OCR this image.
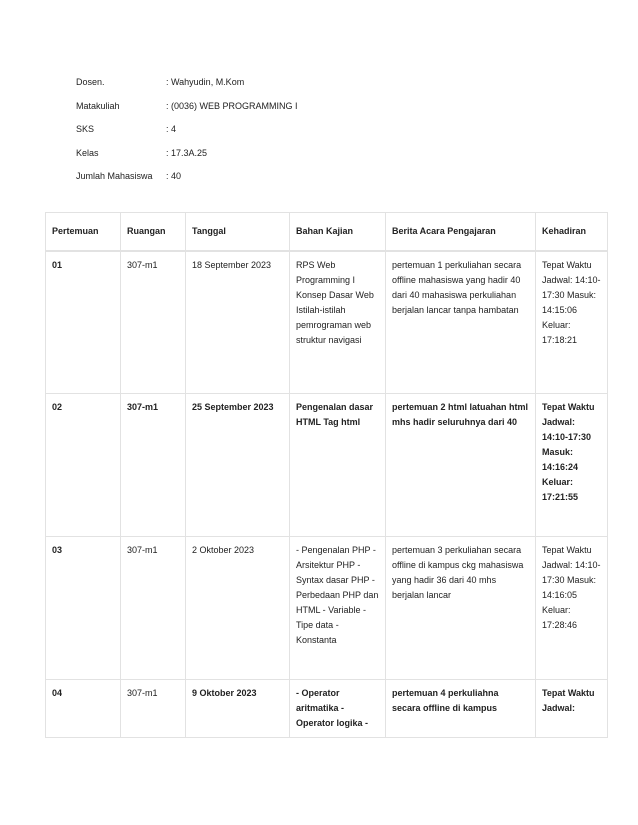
Dosen.	: Wahyudin, M.Kom
Matakuliah	: (0036) WEB PROGRAMMING I
SKS	: 4
Kelas	: 17.3A.25
Jumlah Mahasiswa	: 40
Pertemuan	Ruangan	Tanggal	Bahan Kajian	Berita Acara Pengajaran	Kehadiran
01	307-m1	18 September 2023	RPS Web Programming I Konsep Dasar Web Istilah-istilah pemrograman web struktur navigasi	pertemuan 1 perkuliahan secara offline mahasiswa yang hadir 40 dari 40 mahasiswa perkuliahan berjalan lancar tanpa hambatan	Tepat Waktu Jadwal: 14:10-17:30 Masuk: 14:15:06 Keluar: 17:18:21
02	307-m1	25 September 2023	Pengenalan dasar HTML Tag html	pertemuan 2 html latuahan html mhs hadir seluruhnya dari 40	Tepat Waktu Jadwal: 14:10-17:30 Masuk: 14:16:24 Keluar: 17:21:55
03	307-m1	2 Oktober 2023	- Pengenalan PHP - Arsitektur PHP - Syntax dasar PHP - Perbedaan PHP dan HTML - Variable - Tipe data - Konstanta	pertemuan 3 perkuliahan secara offline di kampus ckg mahasiswa yang hadir 36 dari 40 mhs berjalan lancar	Tepat Waktu Jadwal: 14:10-17:30 Masuk: 14:16:05 Keluar: 17:28:46
04	307-m1	9 Oktober 2023	- Operator aritmatika - Operator logika -	pertemuan 4 perkuliahna secara offline di kampus	Tepat Waktu Jadwal:
